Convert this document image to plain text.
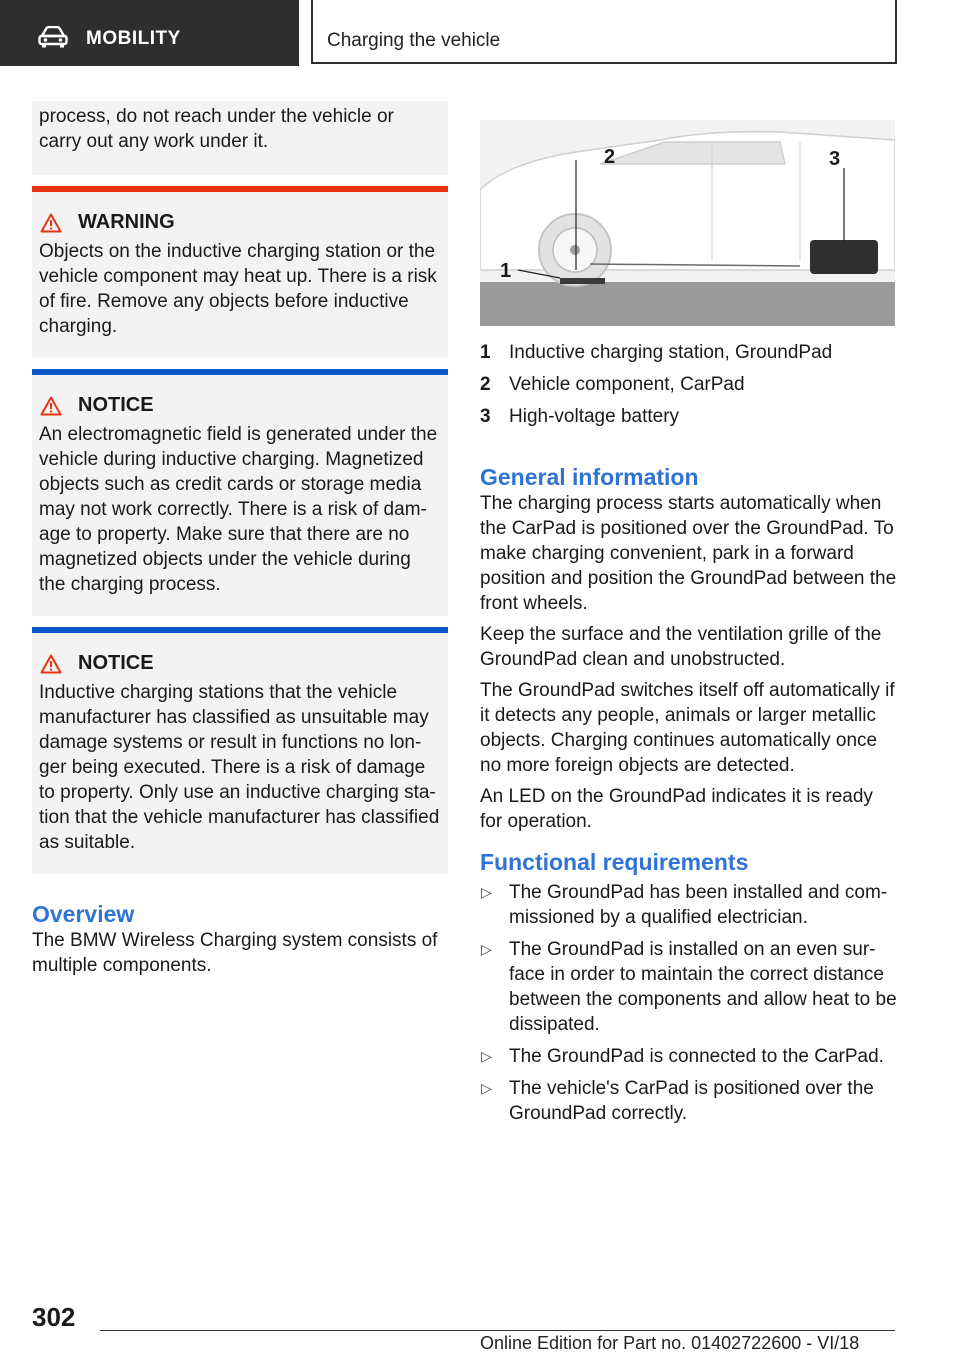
MOBILITY	Charging the vehicle

process, do not reach under the vehicle or carry out any work under it.

WARNING

Objects on the inductive charging station or the vehicle component may heat up. There is a risk of fire. Remove any objects before inductive charging.

NOTICE

An electromagnetic field is generated under the vehicle during inductive charging. Magnetized objects such as credit cards or storage media may not work correctly. There is a risk of dam-age to property. Make sure that there are no magnetized objects under the vehicle during the charging process.

NOTICE

Inductive charging stations that the vehicle manufacturer has classified as unsuitable may damage systems or result in functions no lon-ger being executed. There is a risk of damage to property. Only use an inductive charging sta-tion that the vehicle manufacturer has classified as suitable.

Overview

The BMW Wireless Charging system consists of multiple components.

1
2	3
1 Inductive charging station, GroundPad
2 Vehicle component, CarPad
3 High-voltage battery
General information

The charging process starts automatically when the CarPad is positioned over the GroundPad. To make charging convenient, park in a forward position and position the GroundPad between the front wheels.

Keep the surface and the ventilation grille of the GroundPad clean and unobstructed.

The GroundPad switches itself off automatically if it detects any people, animals or larger metallic objects. Charging continues automatically once no more foreign objects are detected.

An LED on the GroundPad indicates it is ready for operation.

Functional requirements
▷ The GroundPad has been installed and com-missioned by a qualified electrician.
▷ The GroundPad is installed on an even sur-face in order to maintain the correct distance between the components and allow heat to be dissipated.
▷ The GroundPad is connected to the CarPad.
▷ The vehicle's CarPad is positioned over the GroundPad correctly.
302
Online Edition for Part no. 01402722600 - VI/18
